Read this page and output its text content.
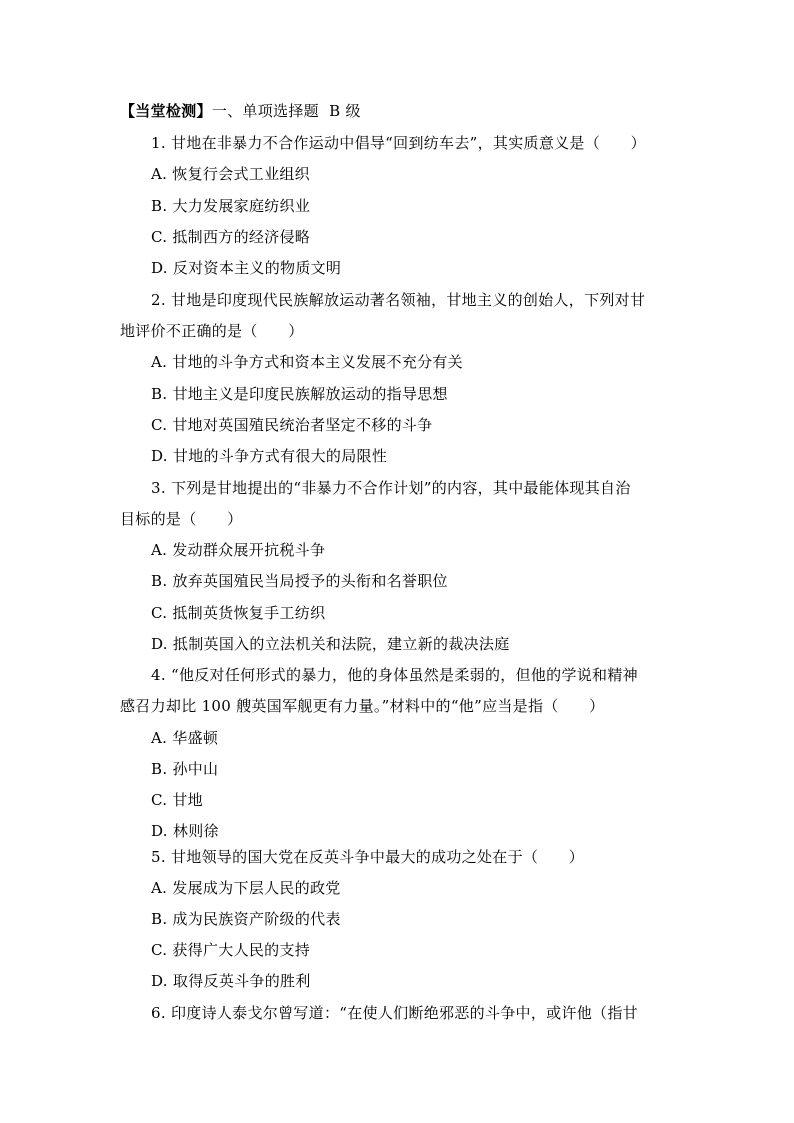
【当堂检测】一、单项选择题 B 级
1. 甘地在非暴力不合作运动中倡导“回到纺车去”，其实质意义是（　　）
A. 恢复行会式工业组织
B. 大力发展家庭纺织业
C. 抵制西方的经济侵略
D. 反对资本主义的物质文明
2. 甘地是印度现代民族解放运动著名领袖，甘地主义的创始人，下列对甘
地评价不正确的是（　　）
A. 甘地的斗争方式和资本主义发展不充分有关
B. 甘地主义是印度民族解放运动的指导思想
C. 甘地对英国殖民统治者坚定不移的斗争
D. 甘地的斗争方式有很大的局限性
3. 下列是甘地提出的“非暴力不合作计划”的内容，其中最能体现其自治
目标的是（　　）
A. 发动群众展开抗税斗争
B. 放弃英国殖民当局授予的头衔和名誉职位
C. 抵制英货恢复手工纺织
D. 抵制英国入的立法机关和法院，建立新的裁决法庭
4. “他反对任何形式的暴力，他的身体虽然是柔弱的，但他的学说和精神
感召力却比 100 艘英国军舰更有力量。”材料中的“他”应当是指（　　）
A. 华盛顿
B. 孙中山
C. 甘地
D. 林则徐
5. 甘地领导的国大党在反英斗争中最大的成功之处在于（　　）
A. 发展成为下层人民的政党
B. 成为民族资产阶级的代表
C. 获得广大人民的支持
D. 取得反英斗争的胜利
6. 印度诗人泰戈尔曾写道：“在使人们断绝邪恶的斗争中，或许他（指甘
